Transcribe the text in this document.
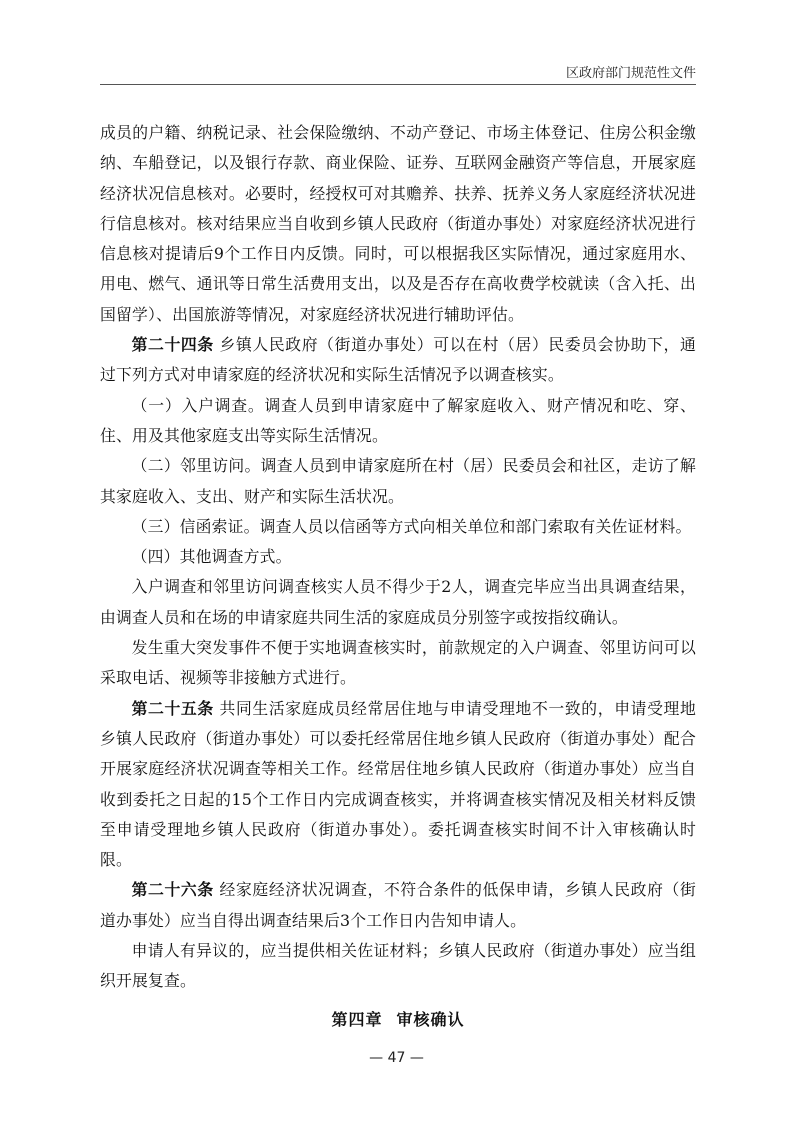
区政府部门规范性文件

成员的户籍、纳税记录、社会保险缴纳、不动产登记、市场主体登记、住房公积金缴纳、车船登记，以及银行存款、商业保险、证券、互联网金融资产等信息，开展家庭经济状况信息核对。必要时，经授权可对其赡养、扶养、抚养义务人家庭经济状况进行信息核对。核对结果应当自收到乡镇人民政府（街道办事处）对家庭经济状况进行信息核对提请后9个工作日内反馈。同时，可以根据我区实际情况，通过家庭用水、用电、燃气、通讯等日常生活费用支出，以及是否存在高收费学校就读（含入托、出国留学）、出国旅游等情况，对家庭经济状况进行辅助评估。

第二十四条 乡镇人民政府（街道办事处）可以在村（居）民委员会协助下，通过下列方式对申请家庭的经济状况和实际生活情况予以调查核实。

（一）入户调查。调查人员到申请家庭中了解家庭收入、财产情况和吃、穿、住、用及其他家庭支出等实际生活情况。

（二）邻里访问。调查人员到申请家庭所在村（居）民委员会和社区，走访了解其家庭收入、支出、财产和实际生活状况。

（三）信函索证。调查人员以信函等方式向相关单位和部门索取有关佐证材料。

（四）其他调查方式。

入户调查和邻里访问调查核实人员不得少于2人，调查完毕应当出具调查结果，由调查人员和在场的申请家庭共同生活的家庭成员分别签字或按指纹确认。

发生重大突发事件不便于实地调查核实时，前款规定的入户调查、邻里访问可以采取电话、视频等非接触方式进行。

第二十五条 共同生活家庭成员经常居住地与申请受理地不一致的，申请受理地乡镇人民政府（街道办事处）可以委托经常居住地乡镇人民政府（街道办事处）配合开展家庭经济状况调查等相关工作。经常居住地乡镇人民政府（街道办事处）应当自收到委托之日起的15个工作日内完成调查核实，并将调查核实情况及相关材料反馈至申请受理地乡镇人民政府（街道办事处）。委托调查核实时间不计入审核确认时限。

第二十六条 经家庭经济状况调查，不符合条件的低保申请，乡镇人民政府（街道办事处）应当自得出调查结果后3个工作日内告知申请人。

申请人有异议的，应当提供相关佐证材料；乡镇人民政府（街道办事处）应当组织开展复查。

第四章 审核确认
— 47 —
